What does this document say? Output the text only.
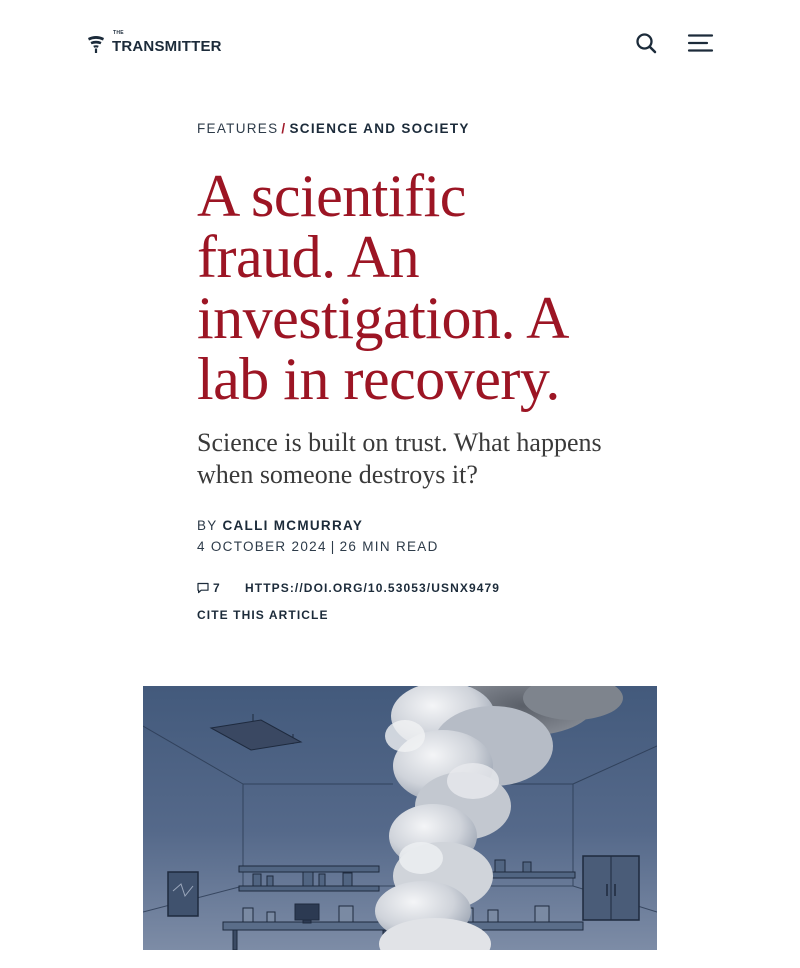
THE
TRANSMITTER
FEATURES / SCIENCE AND SOCIETY
A scientific fraud. An investigation. A lab in recovery.

Science is built on trust. What happens when someone destroys it?

BY CALLI MCMURRAY
4 OCTOBER 2024 | 26 MIN READ
7 HTTPS://DOI.ORG/10.53053/USNX9479
CITE THIS ARTICLE
